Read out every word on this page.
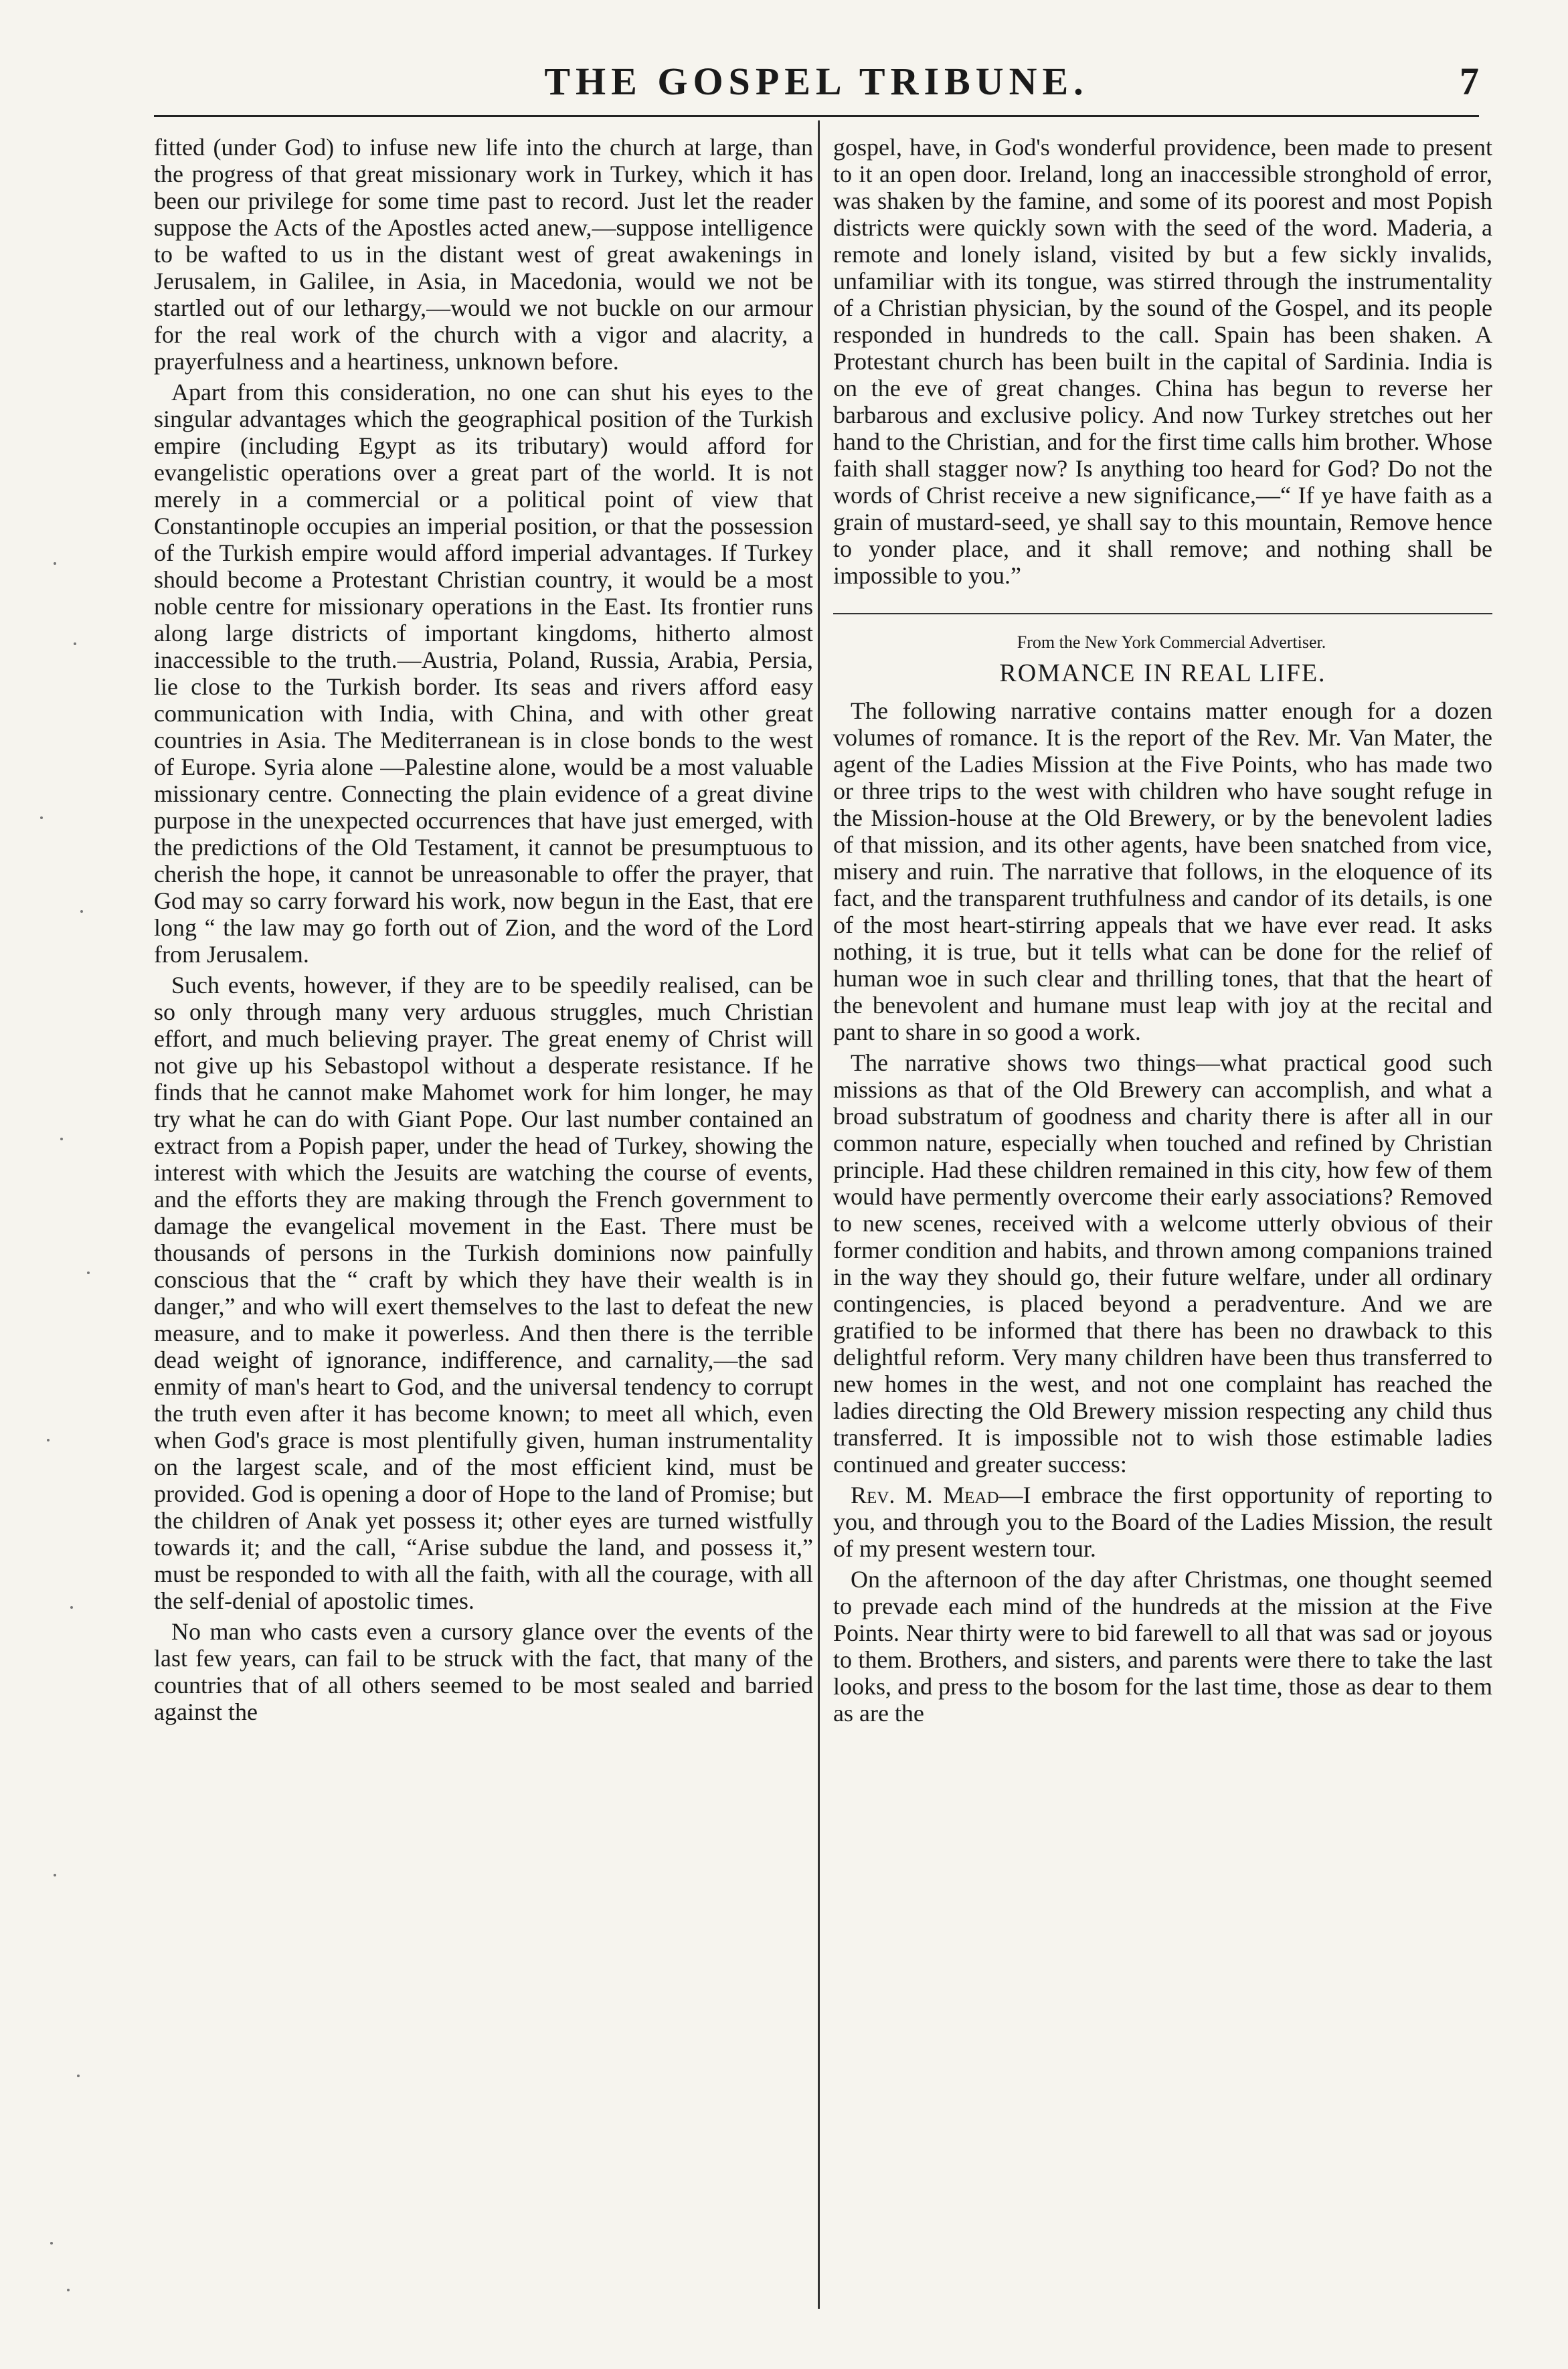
THE GOSPEL TRIBUNE.	7

fitted (under God) to infuse new life into the church at large, than the progress of that great missionary work in Turkey, which it has been our privilege for some time past to record. Just let the reader suppose the Acts of the Apostles acted anew,—suppose intelligence to be wafted to us in the distant west of great awakenings in Jerusalem, in Galilee, in Asia, in Macedonia, would we not be startled out of our lethargy,—would we not buckle on our armour for the real work of the church with a vigor and alacrity, a prayerfulness and a heartiness, unknown before.

Apart from this consideration, no one can shut his eyes to the singular advantages which the geographical position of the Turkish empire (including Egypt as its tributary) would afford for evangelistic operations over a great part of the world. It is not merely in a commercial or a political point of view that Constantinople occupies an imperial position, or that the possession of the Turkish empire would afford imperial advantages. If Turkey should become a Protestant Christian country, it would be a most noble centre for missionary operations in the East. Its frontier runs along large districts of important kingdoms, hitherto almost inaccessible to the truth.—Austria, Poland, Russia, Arabia, Persia, lie close to the Turkish border. Its seas and rivers afford easy communication with India, with China, and with other great countries in Asia. The Mediterranean is in close bonds to the west of Europe. Syria alone —Palestine alone, would be a most valuable missionary centre. Connecting the plain evidence of a great divine purpose in the unexpected occurrences that have just emerged, with the predictions of the Old Testament, it cannot be presumptuous to cherish the hope, it cannot be unreasonable to offer the prayer, that God may so carry forward his work, now begun in the East, that ere long “ the law may go forth out of Zion, and the word of the Lord from Jerusalem.

Such events, however, if they are to be speedily realised, can be so only through many very arduous struggles, much Christian effort, and much believing prayer. The great enemy of Christ will not give up his Sebastopol without a desperate resistance. If he finds that he cannot make Mahomet work for him longer, he may try what he can do with Giant Pope. Our last number contained an extract from a Popish paper, under the head of Turkey, showing the interest with which the Jesuits are watching the course of events, and the efforts they are making through the French government to damage the evangelical movement in the East. There must be thousands of persons in the Turkish dominions now painfully conscious that the “ craft by which they have their wealth is in danger,” and who will exert themselves to the last to defeat the new measure, and to make it powerless. And then there is the terrible dead weight of ignorance, indifference, and carnality,—the sad enmity of man's heart to God, and the universal tendency to corrupt the truth even after it has become known; to meet all which, even when God's grace is most plentifully given, human instrumentality on the largest scale, and of the most efficient kind, must be provided. God is opening a door of Hope to the land of Promise; but the children of Anak yet possess it; other eyes are turned wistfully towards it; and the call, “Arise subdue the land, and possess it,” must be responded to with all the faith, with all the courage, with all the self-denial of apostolic times.

No man who casts even a cursory glance over the events of the last few years, can fail to be struck with the fact, that many of the countries that of all others seemed to be most sealed and barried against the

gospel, have, in God's wonderful providence, been made to present to it an open door. Ireland, long an inaccessible stronghold of error, was shaken by the famine, and some of its poorest and most Popish districts were quickly sown with the seed of the word. Maderia, a remote and lonely island, visited by but a few sickly invalids, unfamiliar with its tongue, was stirred through the instrumentality of a Christian physician, by the sound of the Gospel, and its people responded in hundreds to the call. Spain has been shaken. A Protestant church has been built in the capital of Sardinia. India is on the eve of great changes. China has begun to reverse her barbarous and exclusive policy. And now Turkey stretches out her hand to the Christian, and for the first time calls him brother. Whose faith shall stagger now? Is anything too heard for God? Do not the words of Christ receive a new significance,—“ If ye have faith as a grain of mustard-seed, ye shall say to this mountain, Remove hence to yonder place, and it shall remove; and nothing shall be impossible to you.”

From the New York Commercial Advertiser.

ROMANCE IN REAL LIFE.

The following narrative contains matter enough for a dozen volumes of romance. It is the report of the Rev. Mr. Van Mater, the agent of the Ladies Mission at the Five Points, who has made two or three trips to the west with children who have sought refuge in the Mission-house at the Old Brewery, or by the benevolent ladies of that mission, and its other agents, have been snatched from vice, misery and ruin. The narrative that follows, in the eloquence of its fact, and the transparent truthfulness and candor of its details, is one of the most heart-stirring appeals that we have ever read. It asks nothing, it is true, but it tells what can be done for the relief of human woe in such clear and thrilling tones, that that the heart of the benevolent and humane must leap with joy at the recital and pant to share in so good a work.

The narrative shows two things—what practical good such missions as that of the Old Brewery can accomplish, and what a broad substratum of goodness and charity there is after all in our common nature, especially when touched and refined by Christian principle. Had these children remained in this city, how few of them would have permently overcome their early associations? Removed to new scenes, received with a welcome utterly obvious of their former condition and habits, and thrown among companions trained in the way they should go, their future welfare, under all ordinary contingencies, is placed beyond a peradventure. And we are gratified to be informed that there has been no drawback to this delightful reform. Very many children have been thus transferred to new homes in the west, and not one complaint has reached the ladies directing the Old Brewery mission respecting any child thus transferred. It is impossible not to wish those estimable ladies continued and greater success:

Rev. M. Mead—I embrace the first opportunity of reporting to you, and through you to the Board of the Ladies Mission, the result of my present western tour.

On the afternoon of the day after Christmas, one thought seemed to prevade each mind of the hundreds at the mission at the Five Points. Near thirty were to bid farewell to all that was sad or joyous to them. Brothers, and sisters, and parents were there to take the last looks, and press to the bosom for the last time, those as dear to them as are the
